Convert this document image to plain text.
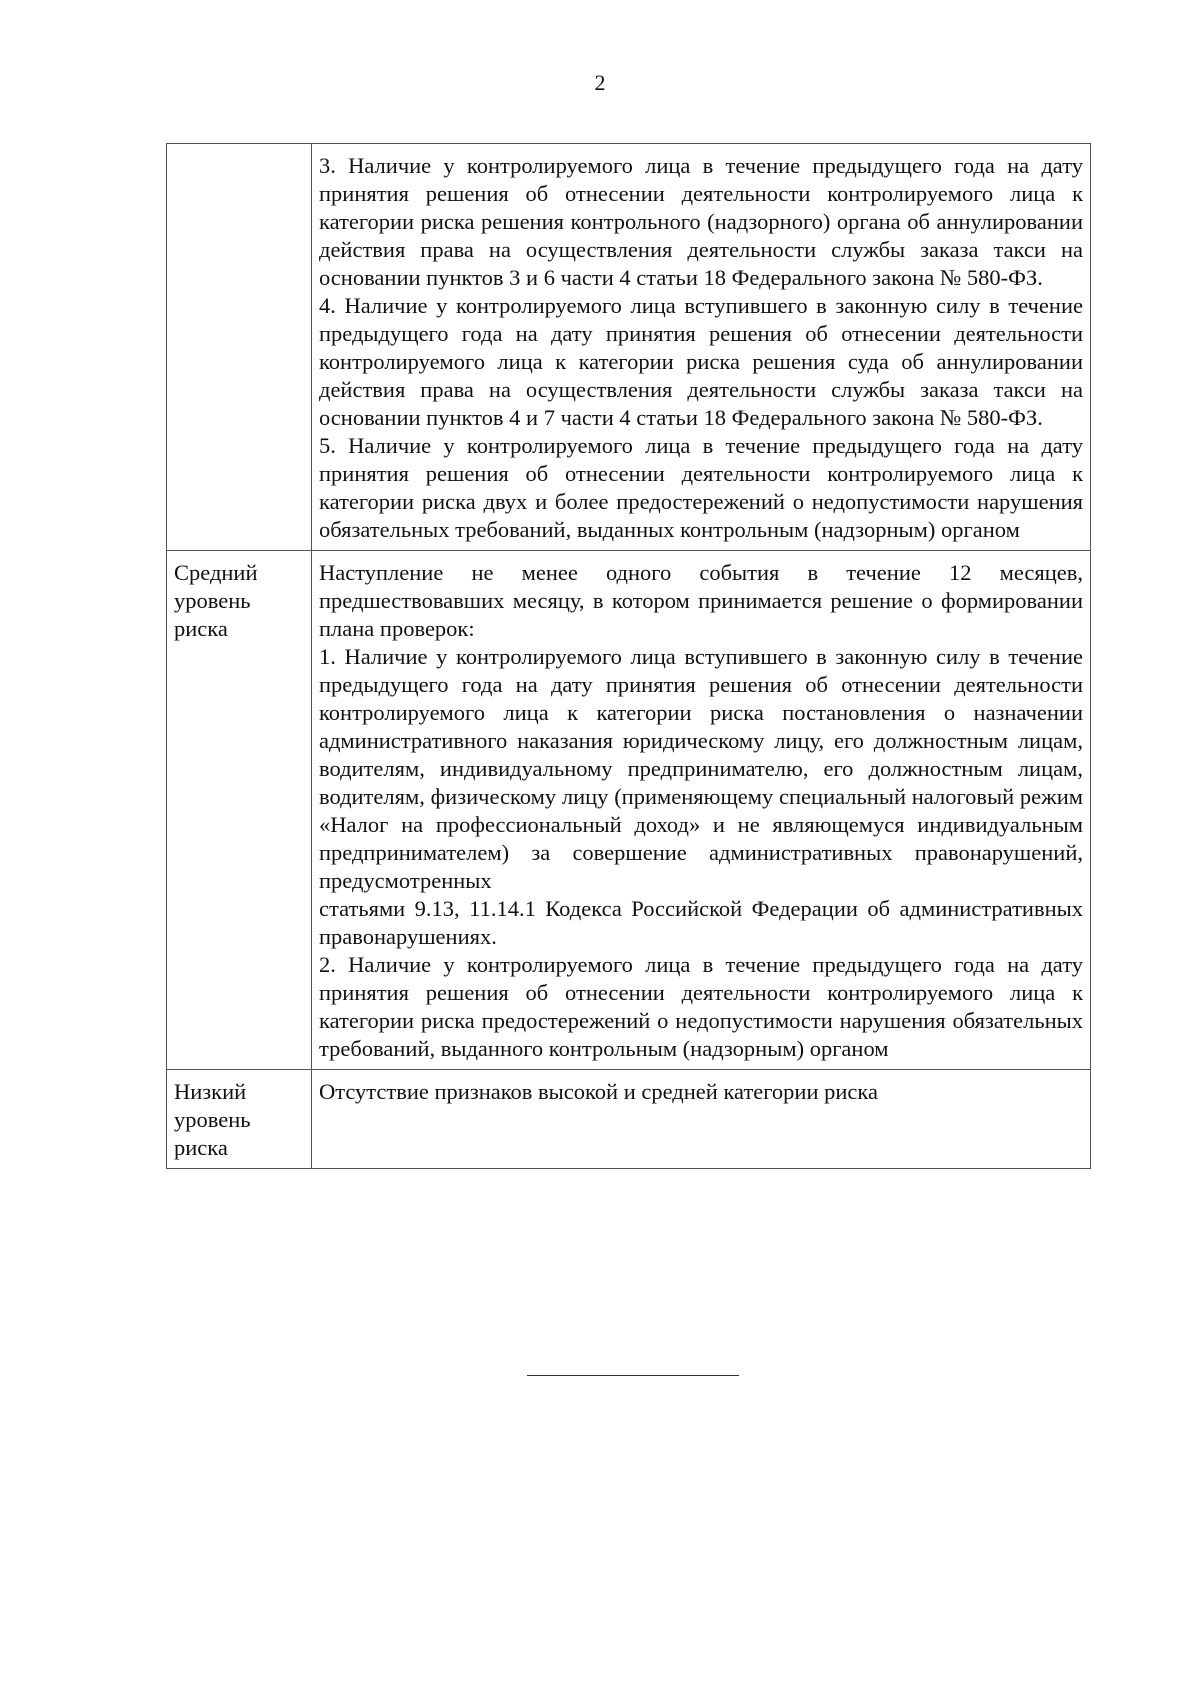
2

	3. Наличие у контролируемого лица в течение предыдущего года на дату принятия решения об отнесении деятельности контролируемого лица к категории риска решения контрольного (надзорного) органа об аннулировании действия права на осуществления деятельности службы заказа такси на основании пунктов 3 и 6 части 4 статьи 18 Федерального закона № 580-ФЗ.

4. Наличие у контролируемого лица вступившего в законную силу в течение предыдущего года на дату принятия решения об отнесении деятельности контролируемого лица к категории риска решения суда об аннулировании действия права на осуществления деятельности службы заказа такси на основании пунктов 4 и 7 части 4 статьи 18 Федерального закона № 580-ФЗ.

5. Наличие у контролируемого лица в течение предыдущего года на дату принятия решения об отнесении деятельности контролируемого лица к категории риска двух и более предостережений о недопустимости нарушения обязательных требований, выданных контрольным (надзорным) органом

Средний уровень риска	Наступление не менее одного события в течение 12 месяцев, предшествовавших месяцу, в котором принимается решение о формировании плана проверок:

1. Наличие у контролируемого лица вступившего в законную силу в течение предыдущего года на дату принятия решения об отнесении деятельности контролируемого лица к категории риска постановления о назначении административного наказания юридическому лицу, его должностным лицам, водителям, индивидуальному предпринимателю, его должностным лицам, водителям, физическому лицу (применяющему специальный налоговый режим «Налог на профессиональный доход» и не являющемуся индивидуальным предпринимателем) за совершение административных правонарушений, предусмотренных

статьями 9.13, 11.14.1 Кодекса Российской Федерации об административных правонарушениях.

2. Наличие у контролируемого лица в течение предыдущего года на дату принятия решения об отнесении деятельности контролируемого лица к категории риска предостережений о недопустимости нарушения обязательных требований, выданного контрольным (надзорным) органом

Низкий уровень риска	Отсутствие признаков высокой и средней категории риска
